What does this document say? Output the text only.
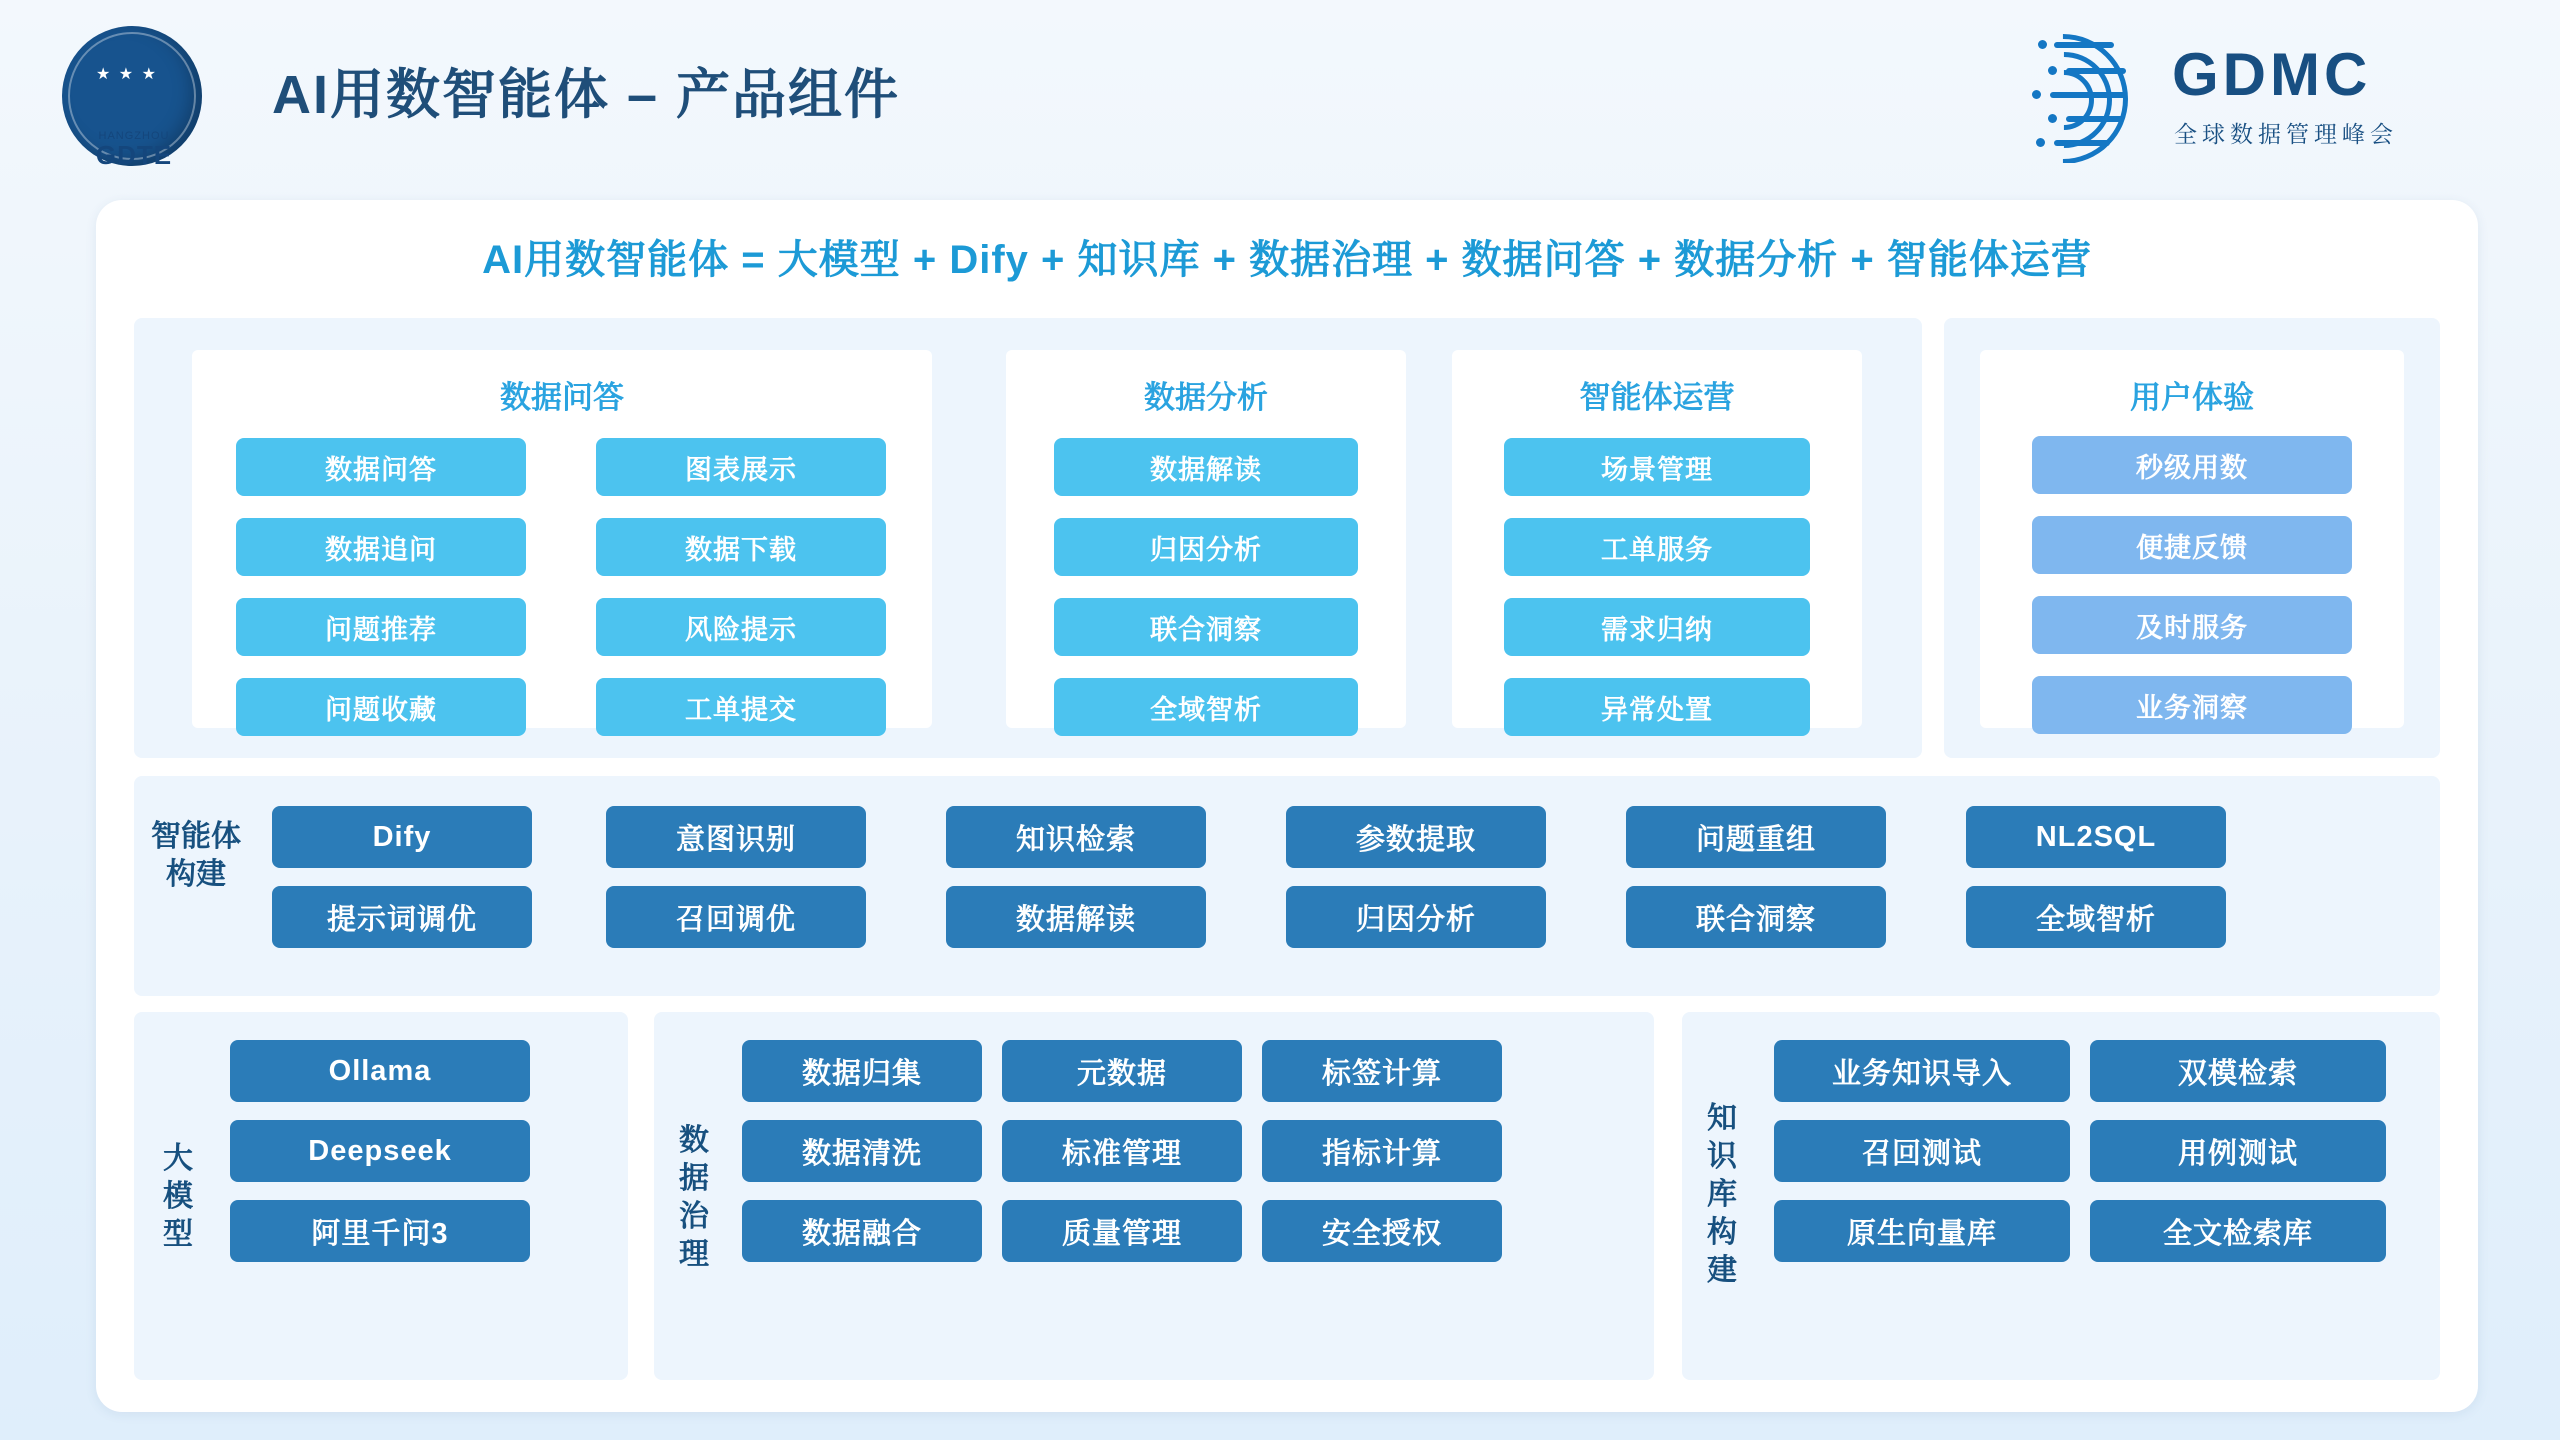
★ ★ ★
HANGZHOU
GDTE
AI用数智能体 – 产品组件	GDMC
全球数据管理峰会
AI用数智能体 = 大模型 + Dify + 知识库 + 数据治理 + 数据问答 + 数据分析 + 智能体运营
数据问答
数据问答
数据追问
问题推荐
问题收藏
图表展示
数据下载
风险提示
工单提交
数据分析
数据解读
归因分析
联合洞察
全域智析
智能体运营
场景管理
工单服务
需求归纳
异常处置
用户体验
秒级用数
便捷反馈
及时服务
业务洞察
智能体构建
Dify
提示词调优
意图识别
召回调优
知识检索
数据解读
参数提取
归因分析
问题重组
联合洞察
NL2SQL
全域智析
大模型
Ollama
Deepseek
阿里千问3
数据治理
数据归集
数据清洗
数据融合
元数据
标准管理
质量管理
标签计算
指标计算
安全授权
知识库构建
业务知识导入
召回测试
原生向量库
双模检索
用例测试
全文检索库
